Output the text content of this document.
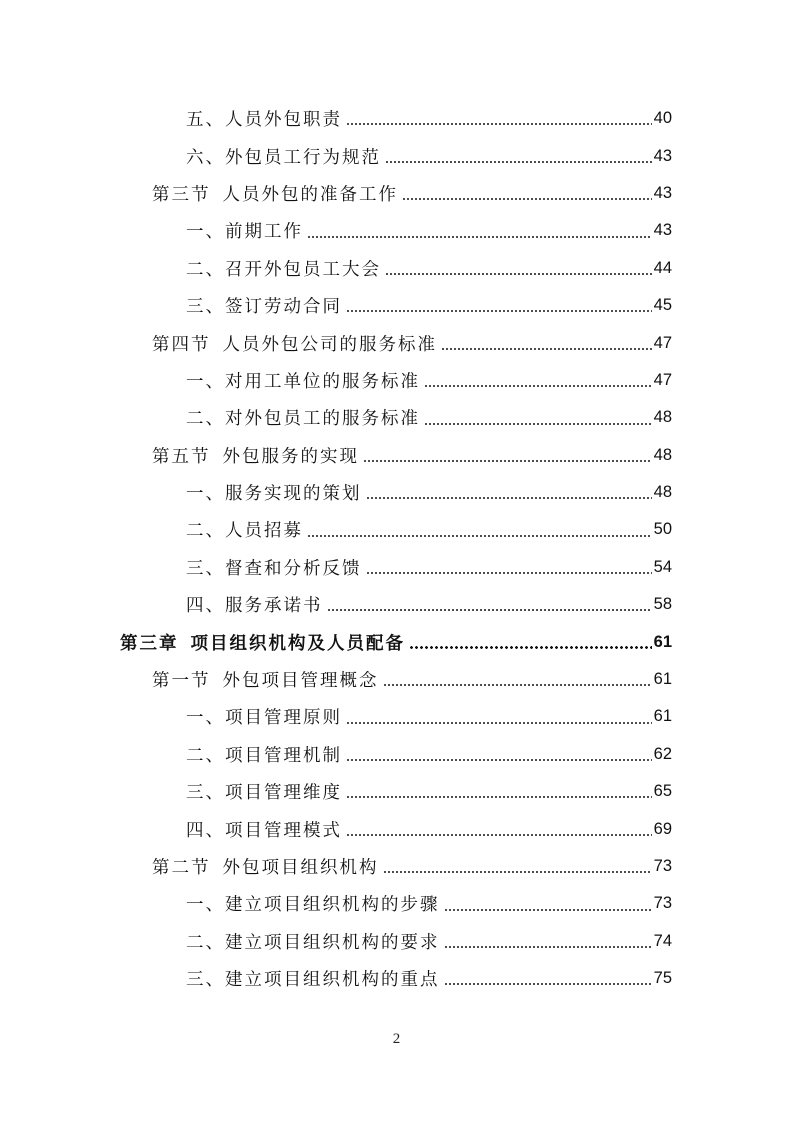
五、人员外包职责	40
六、外包员工行为规范	43
第三节 人员外包的准备工作	43
一、前期工作	43
二、召开外包员工大会	44
三、签订劳动合同	45
第四节 人员外包公司的服务标准	47
一、对用工单位的服务标准	47
二、对外包员工的服务标准	48
第五节 外包服务的实现	48
一、服务实现的策划	48
二、人员招募	50
三、督查和分析反馈	54
四、服务承诺书	58
第三章 项目组织机构及人员配备	61
第一节 外包项目管理概念	61
一、项目管理原则	61
二、项目管理机制	62
三、项目管理维度	65
四、项目管理模式	69
第二节 外包项目组织机构	73
一、建立项目组织机构的步骤	73
二、建立项目组织机构的要求	74
三、建立项目组织机构的重点	75
2
